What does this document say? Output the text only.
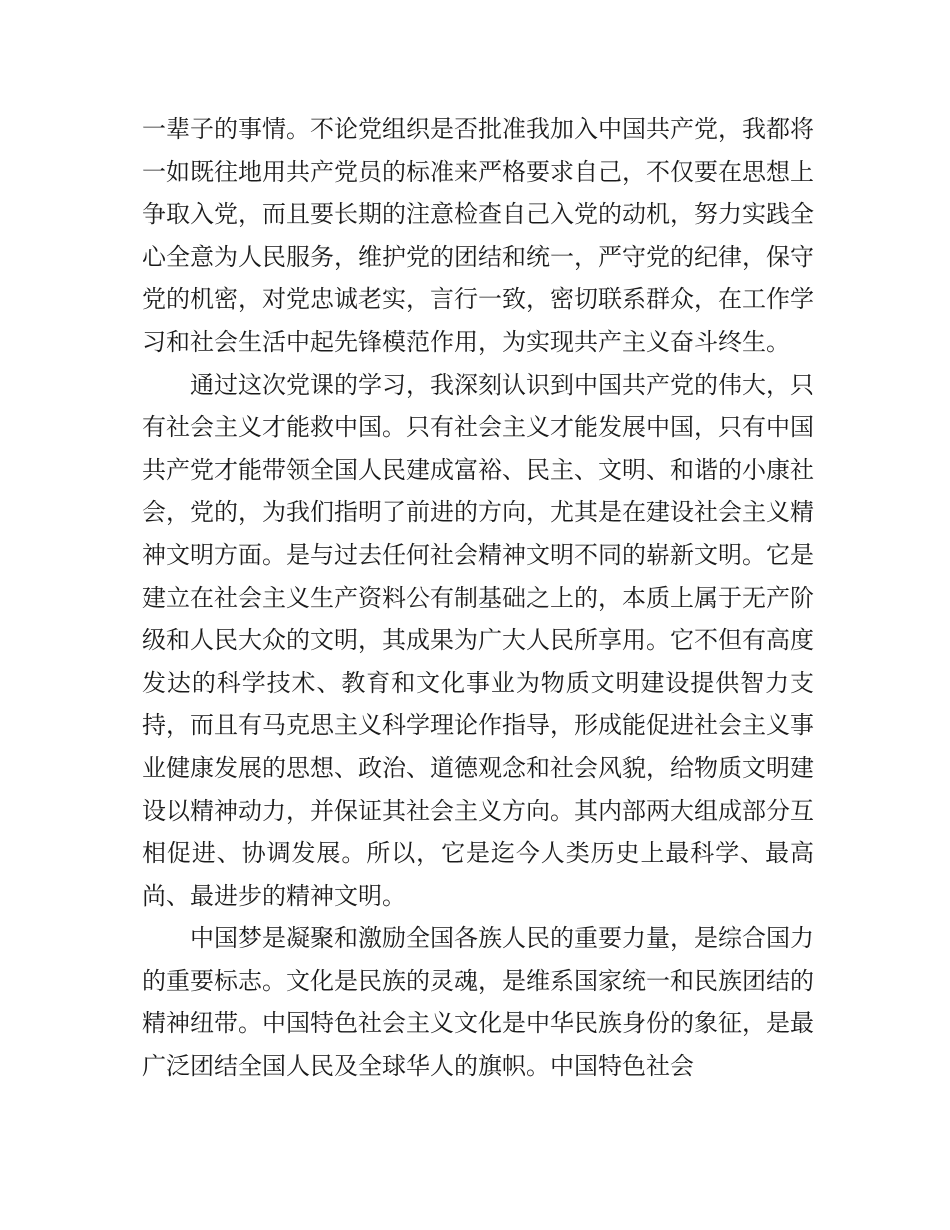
一辈子的事情。不论党组织是否批准我加入中国共产党，我都将一如既往地用共产党员的标准来严格要求自己，不仅要在思想上争取入党，而且要长期的注意检查自己入党的动机，努力实践全心全意为人民服务，维护党的团结和统一，严守党的纪律，保守党的机密，对党忠诚老实，言行一致，密切联系群众，在工作学习和社会生活中起先锋模范作用，为实现共产主义奋斗终生。

通过这次党课的学习，我深刻认识到中国共产党的伟大，只有社会主义才能救中国。只有社会主义才能发展中国，只有中国共产党才能带领全国人民建成富裕、民主、文明、和谐的小康社会，党的，为我们指明了前进的方向，尤其是在建设社会主义精神文明方面。是与过去任何社会精神文明不同的崭新文明。它是建立在社会主义生产资料公有制基础之上的，本质上属于无产阶级和人民大众的文明，其成果为广大人民所享用。它不但有高度发达的科学技术、教育和文化事业为物质文明建设提供智力支持，而且有马克思主义科学理论作指导，形成能促进社会主义事业健康发展的思想、政治、道德观念和社会风貌，给物质文明建设以精神动力，并保证其社会主义方向。其内部两大组成部分互相促进、协调发展。所以，它是迄今人类历史上最科学、最高尚、最进步的精神文明。

中国梦是凝聚和激励全国各族人民的重要力量，是综合国力的重要标志。文化是民族的灵魂，是维系国家统一和民族团结的精神纽带。中国特色社会主义文化是中华民族身份的象征，是最广泛团结全国人民及全球华人的旗帜。中国特色社会
